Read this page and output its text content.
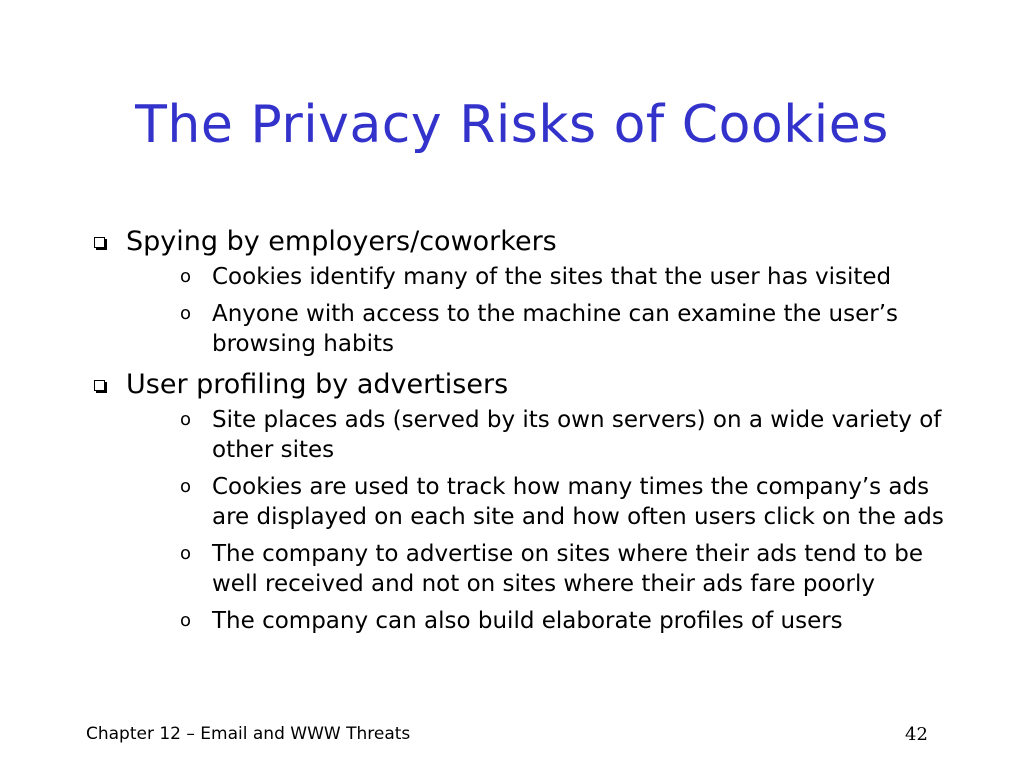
The Privacy Risks of Cookies
Spying by employers/coworkers
o Cookies identify many of the sites that the user has visited
o Anyone with access to the machine can examine the user’s browsing habits
User profiling by advertisers
o Site places ads (served by its own servers) on a wide variety of other sites
o Cookies are used to track how many times the company’s ads are displayed on each site and how often users click on the ads
o The company to advertise on sites where their ads tend to be well received and not on sites where their ads fare poorly
o The company can also build elaborate profiles of users
Chapter 12 – Email and WWW Threats	42
